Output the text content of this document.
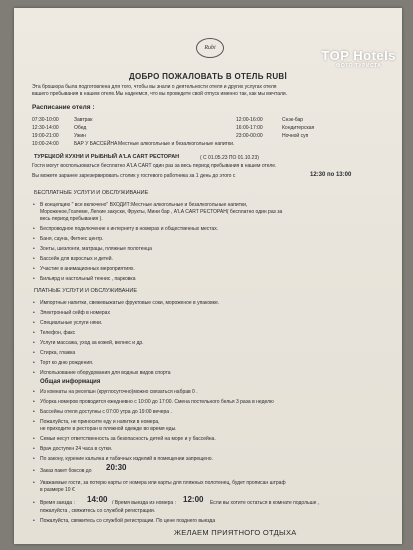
Rubi	TOP Hotels
ФОТО ТУРИСТА
ДОБРО ПОЖАЛОВАТЬ В ОТЕЛЬ RUBİ
Эта брошюра была подготовлена для того, чтобы вы знали о деятельности отеля и других услугах отеля
вашего пребывания в нашем отеле.Мы надеемся, что вы проведете свой отпуск именно так, как мы мечтали.
Расписание отеля :
07:30-10:00	Завтрак
12:30-14:00	Обед
19:00-21:00	Ужин
10:00-24:00	БАР У БАССЕЙНА Местные алкогольные и безалкогольные напитки.
12:00-16:00	Снэк-бар
16:00-17:00	Кондитерская
23:00-00:00	Ночной суп
ТУРЕЦКОЙ КУХНИ И РЫБНЫЙ А'LA CART РЕСТОРАН	( С 01.05.23 ПО 01.10.23)
Гости могут воспользоваться бесплатно A'LA CART один раз за весь период пребывания в нашем отеле.
Вы можете заранее зарезервировать столик у гостевого работника за 1 день до этого с	12:30 по 13:00
БЕСПЛАТНЫЕ УСЛУГИ И ОБСЛУЖИВАНИЕ
• В концепцию " все включено" ВХОДИТ:Местные алкогольные и безалкогольные напитки,
Мороженое,Гозлеме, Легкие закуски, Фрукты, Мини бар , A'LA CART РЕСТОРАН( бесплатно один раз за
весь период пребывания ).
• Беспроводное подключение к интернету в номерах и общественных местах.
• Баня, сауна, Фитнес центр.
• Зонты, шезлонги, матрацы, пляжные полотенца
• Бассейн для взрослых и детей.
• Участие в анимационных мероприятиях.
• Бильярд и настольный теннис , парковка
ПЛАТНЫЕ УСЛУГИ И ОБСЛУЖИВАНИЕ
• Импортные напитки, свежевыжатые фруктовые соки, мороженое в упаковке.
• Электронный сейф в номерах
• Специальные услуги няни.
• Телефон, факс
• Услуги массажа, уход за кожей, велнес и др.
• Стирка, глажка
• Торт ко дню рождения.
• Использование оборудования для водных видов спорта
Общая информация
• Из комнаты на ресепшн (круглосуточно)можно связаться набрав 0 .
• Уборка номеров проводится ежедневно с 10:00 до 17:00. Смена постельного белья 3 раза в неделю
• Бассейны отеля доступны с 07:00 утра до 19:00 вечера .
• Пожалуйста, не приносите еду и напитки в номера,
не приходите в ресторан в пляжной одежде во время еды.
• Семьи несут ответственность за безопасность детей на море и у бассейна.
• Врач доступен 24 часа в сутки.
• По закону, курение кальяна и табачных изделий в помещении запрещено.
• Заказ пакет боксов до 20:30
• Уважаемые гости, за потерю карты от номера или карты для пляжных полотенец, будет прописан штраф
в размере 10 €
• Время заезда : 14:00 / Время выезда из номера : 12:00 Если вы хотите остаться в комнате подольше ,
пожалуйста , свяжитесь со службой регистрации.
• Пожалуйста, свяжитесь со службой регистрации. По цене позднего выезда
ЖЕЛАЕМ ПРИЯТНОГО ОТДЫХА
